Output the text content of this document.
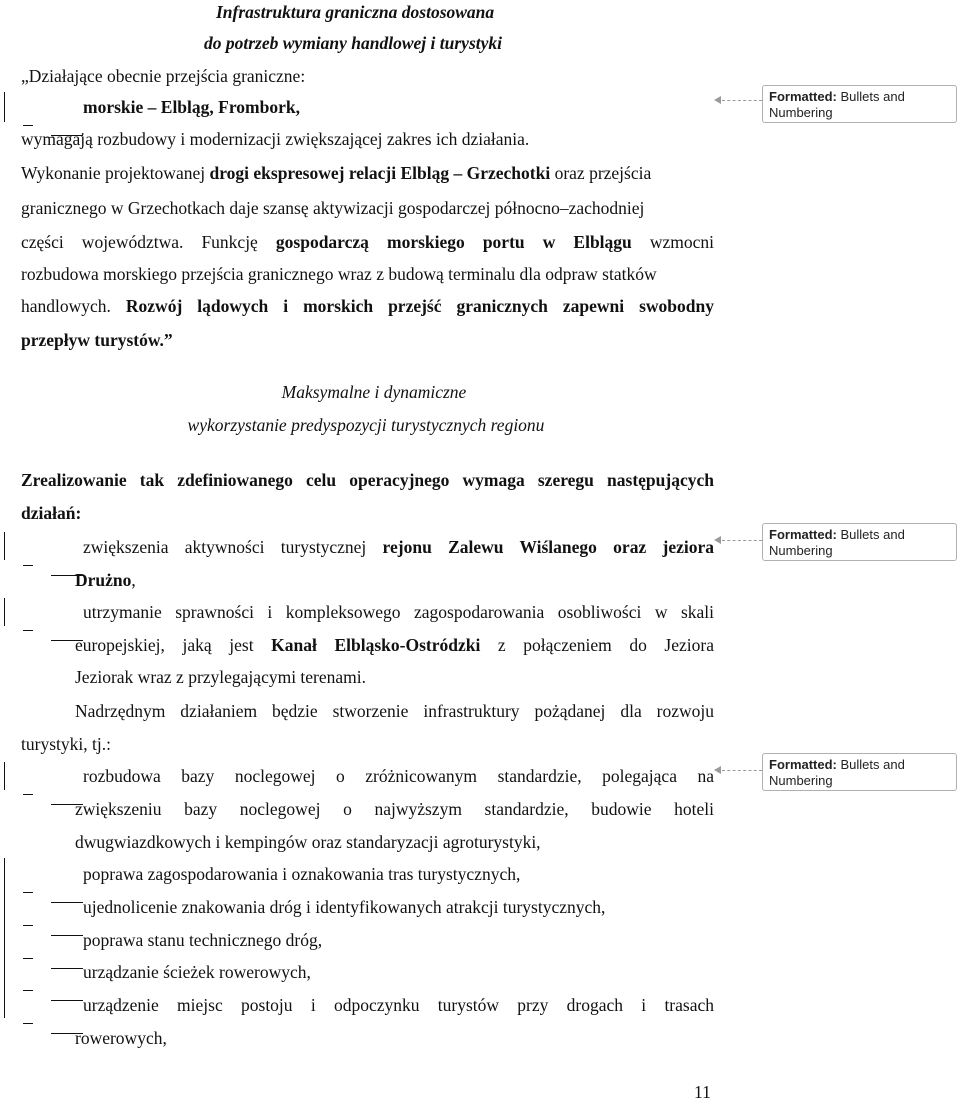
Infrastruktura graniczna dostosowana
do potrzeb wymiany handlowej i turystyki
„Działające obecnie przejścia graniczne:
morskie – Elbląg, Frombork,
wymagają rozbudowy i modernizacji zwiększającej zakres ich działania.
Wykonanie projektowanej drogi ekspresowej relacji Elbląg – Grzechotki oraz przejścia
granicznego w Grzechotkach daje szansę aktywizacji gospodarczej północno–zachodniej
części województwa. Funkcję gospodarczą morskiego portu w Elblągu wzmocni
rozbudowa morskiego przejścia granicznego wraz z budową terminalu dla odpraw statków
handlowych. Rozwój lądowych i morskich przejść granicznych zapewni swobodny
przepływ turystów.”
Maksymalne i dynamiczne
wykorzystanie predyspozycji turystycznych regionu
Zrealizowanie tak zdefiniowanego celu operacyjnego wymaga szeregu następujących
działań:
zwiększenia aktywności turystycznej rejonu Zalewu Wiślanego oraz jeziora
Drużno,
utrzymanie sprawności i kompleksowego zagospodarowania osobliwości w skali
europejskiej, jaką jest Kanał Elbląsko-Ostródzki z połączeniem do Jeziora
Jeziorak wraz z przylegającymi terenami.
Nadrzędnym działaniem będzie stworzenie infrastruktury pożądanej dla rozwoju
turystyki, tj.:
rozbudowa bazy noclegowej o zróżnicowanym standardzie, polegająca na
zwiększeniu bazy noclegowej o najwyższym standardzie, budowie hoteli
dwugwiazdkowych i kempingów oraz standaryzacji agroturystyki,
poprawa zagospodarowania i oznakowania tras turystycznych,
ujednolicenie znakowania dróg i identyfikowanych atrakcji turystycznych,
poprawa stanu technicznego dróg,
urządzanie ścieżek rowerowych,
urządzenie miejsc postoju i odpoczynku turystów przy drogach i trasach
rowerowych,
Formatted: Bullets and
Numbering
Formatted: Bullets and
Numbering
Formatted: Bullets and
Numbering
11
